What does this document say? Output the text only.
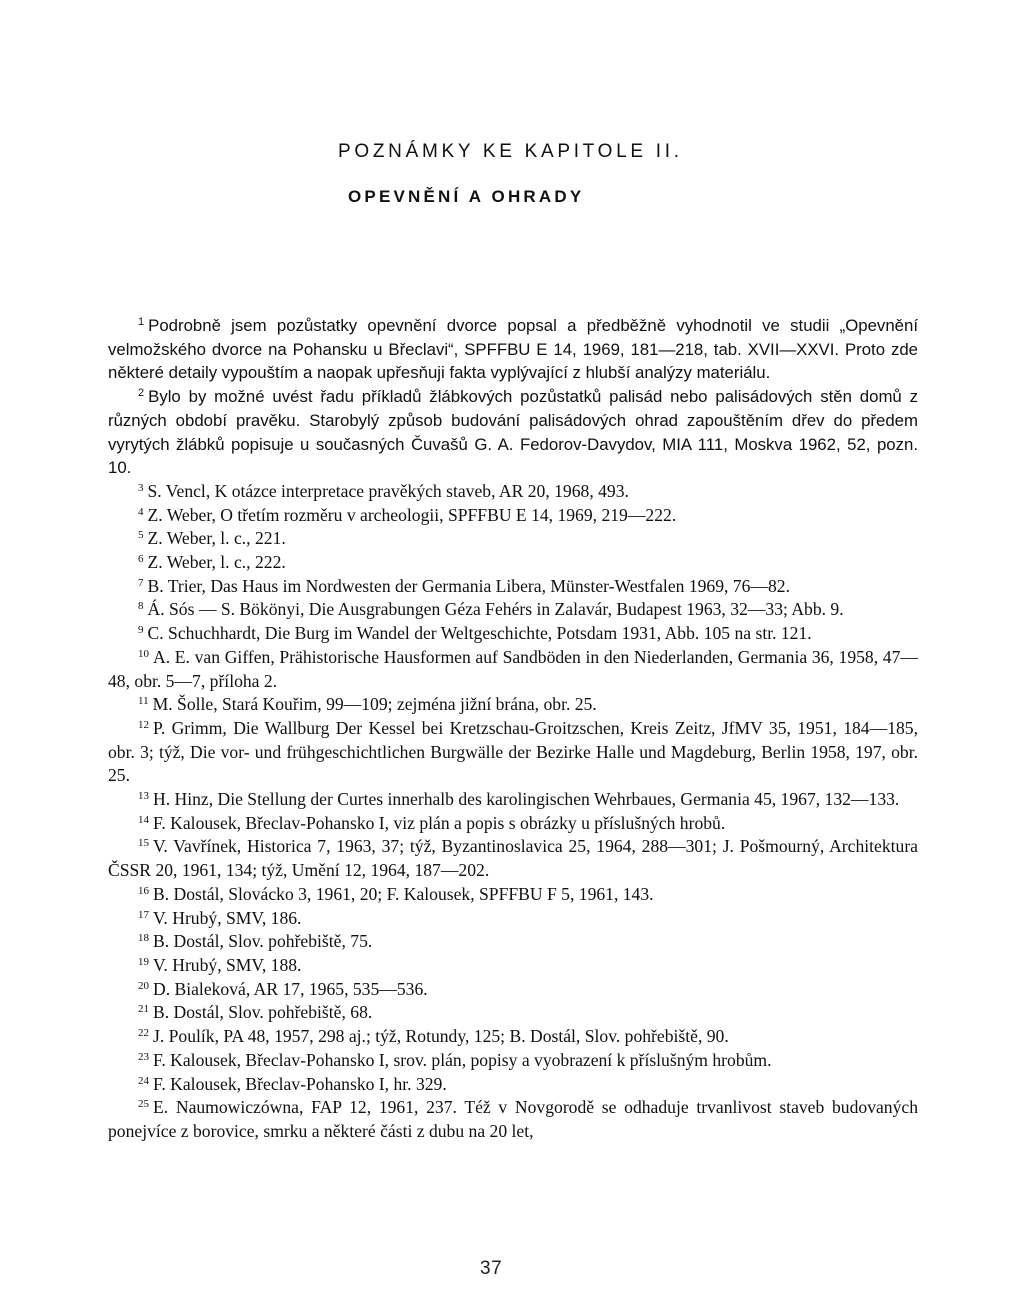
POZNÁMKY KE KAPITOLE II.
OPEVNĚNÍ A OHRADY

$^1$ Podrobně jsem pozůstatky opevnění dvorce popsal a předběžně vyhodnotil ve studii „Opevnění velmožského dvorce na Pohansku u Břeclavi“, SPFFBU E 14, 1969, 181—218, tab. XVII—XXVI. Proto zde některé detaily vypouštím a naopak upřesňuji fakta vyplývající z hlubší analýzy materiálu.

$^2$ Bylo by možné uvést řadu příkladů žlábkových pozůstatků palisád nebo palisádových stěn domů z různých období pravěku. Starobylý způsob budování palisádových ohrad zapouštěním dřev do předem vyrytých žlábků popisuje u současných Čuvašů G. A. Fedorov-Davydov, MIA 111, Moskva 1962, 52, pozn. 10.

$^3$ S. Vencl, K otázce interpretace pravěkých staveb, AR 20, 1968, 493.

$^4$ Z. Weber, O třetím rozměru v archeologii, SPFFBU E 14, 1969, 219—222.

$^5$ Z. Weber, l. c., 221.

$^6$ Z. Weber, l. c., 222.

$^7$ B. Trier, Das Haus im Nordwesten der Germania Libera, Münster-Westfalen 1969, 76—82.

$^8$ Á. Sós — S. Bökönyi, Die Ausgrabungen Géza Fehérs in Zalavár, Budapest 1963, 32—33; Abb. 9.

$^9$ C. Schuchhardt, Die Burg im Wandel der Weltgeschichte, Potsdam 1931, Abb. 105 na str. 121.

$^{10}$ A. E. van Giffen, Prähistorische Hausformen auf Sandböden in den Niederlanden, Germania 36, 1958, 47—48, obr. 5—7, příloha 2.

$^{11}$ M. Šolle, Stará Kouřim, 99—109; zejména jižní brána, obr. 25.

$^{12}$ P. Grimm, Die Wallburg Der Kessel bei Kretzschau-Groitzschen, Kreis Zeitz, JfMV 35, 1951, 184—185, obr. 3; týž, Die vor- und frühgeschichtlichen Burgwälle der Bezirke Halle und Magdeburg, Berlin 1958, 197, obr. 25.

$^{13}$ H. Hinz, Die Stellung der Curtes innerhalb des karolingischen Wehrbaues, Germania 45, 1967, 132—133.

$^{14}$ F. Kalousek, Břeclav-Pohansko I, viz plán a popis s obrázky u příslušných hrobů.

$^{15}$ V. Vavřínek, Historica 7, 1963, 37; týž, Byzantinoslavica 25, 1964, 288—301; J. Pošmourný, Architektura ČSSR 20, 1961, 134; týž, Umění 12, 1964, 187—202.

$^{16}$ B. Dostál, Slovácko 3, 1961, 20; F. Kalousek, SPFFBU F 5, 1961, 143.

$^{17}$ V. Hrubý, SMV, 186.

$^{18}$ B. Dostál, Slov. pohřebiště, 75.

$^{19}$ V. Hrubý, SMV, 188.

$^{20}$ D. Bialeková, AR 17, 1965, 535—536.

$^{21}$ B. Dostál, Slov. pohřebiště, 68.

$^{22}$ J. Poulík, PA 48, 1957, 298 aj.; týž, Rotundy, 125; B. Dostál, Slov. pohřebiště, 90.

$^{23}$ F. Kalousek, Břeclav-Pohansko I, srov. plán, popisy a vyobrazení k příslušným hrobům.

$^{24}$ F. Kalousek, Břeclav-Pohansko I, hr. 329.

$^{25}$ E. Naumowiczówna, FAP 12, 1961, 237. Též v Novgorodě se odhaduje trvanlivost staveb budovaných ponejvíce z borovice, smrku a některé části z dubu na 20 let,

37
